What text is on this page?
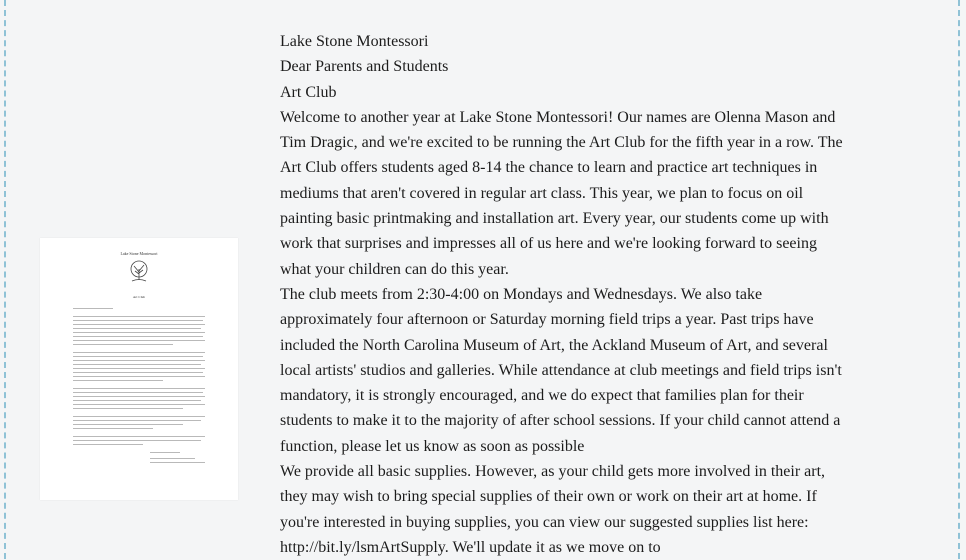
Lake Stone Montessori
Art Club

Lake Stone Montessori

Dear Parents and Students

Art Club

Welcome to another year at Lake Stone Montessori! Our names are Olenna Mason and Tim Dragic, and we're excited to be running the Art Club for the fifth year in a row. The Art Club offers students aged 8-14 the chance to learn and practice art techniques in mediums that aren't covered in regular art class. This year, we plan to focus on oil painting basic printmaking and installation art. Every year, our students come up with work that surprises and impresses all of us here and we're looking forward to seeing what your children can do this year.

The club meets from 2:30-4:00 on Mondays and Wednesdays. We also take approximately four afternoon or Saturday morning field trips a year. Past trips have included the North Carolina Museum of Art, the Ackland Museum of Art, and several local artists' studios and galleries. While attendance at club meetings and field trips isn't mandatory, it is strongly encouraged, and we do expect that families plan for their students to make it to the majority of after school sessions. If your child cannot attend a function, please let us know as soon as possible

We provide all basic supplies. However, as your child gets more involved in their art, they may wish to bring special supplies of their own or work on their art at home. If you're interested in buying supplies, you can view our suggested supplies list here: http://bit.ly/lsmArtSupply. We'll update it as we move on to
